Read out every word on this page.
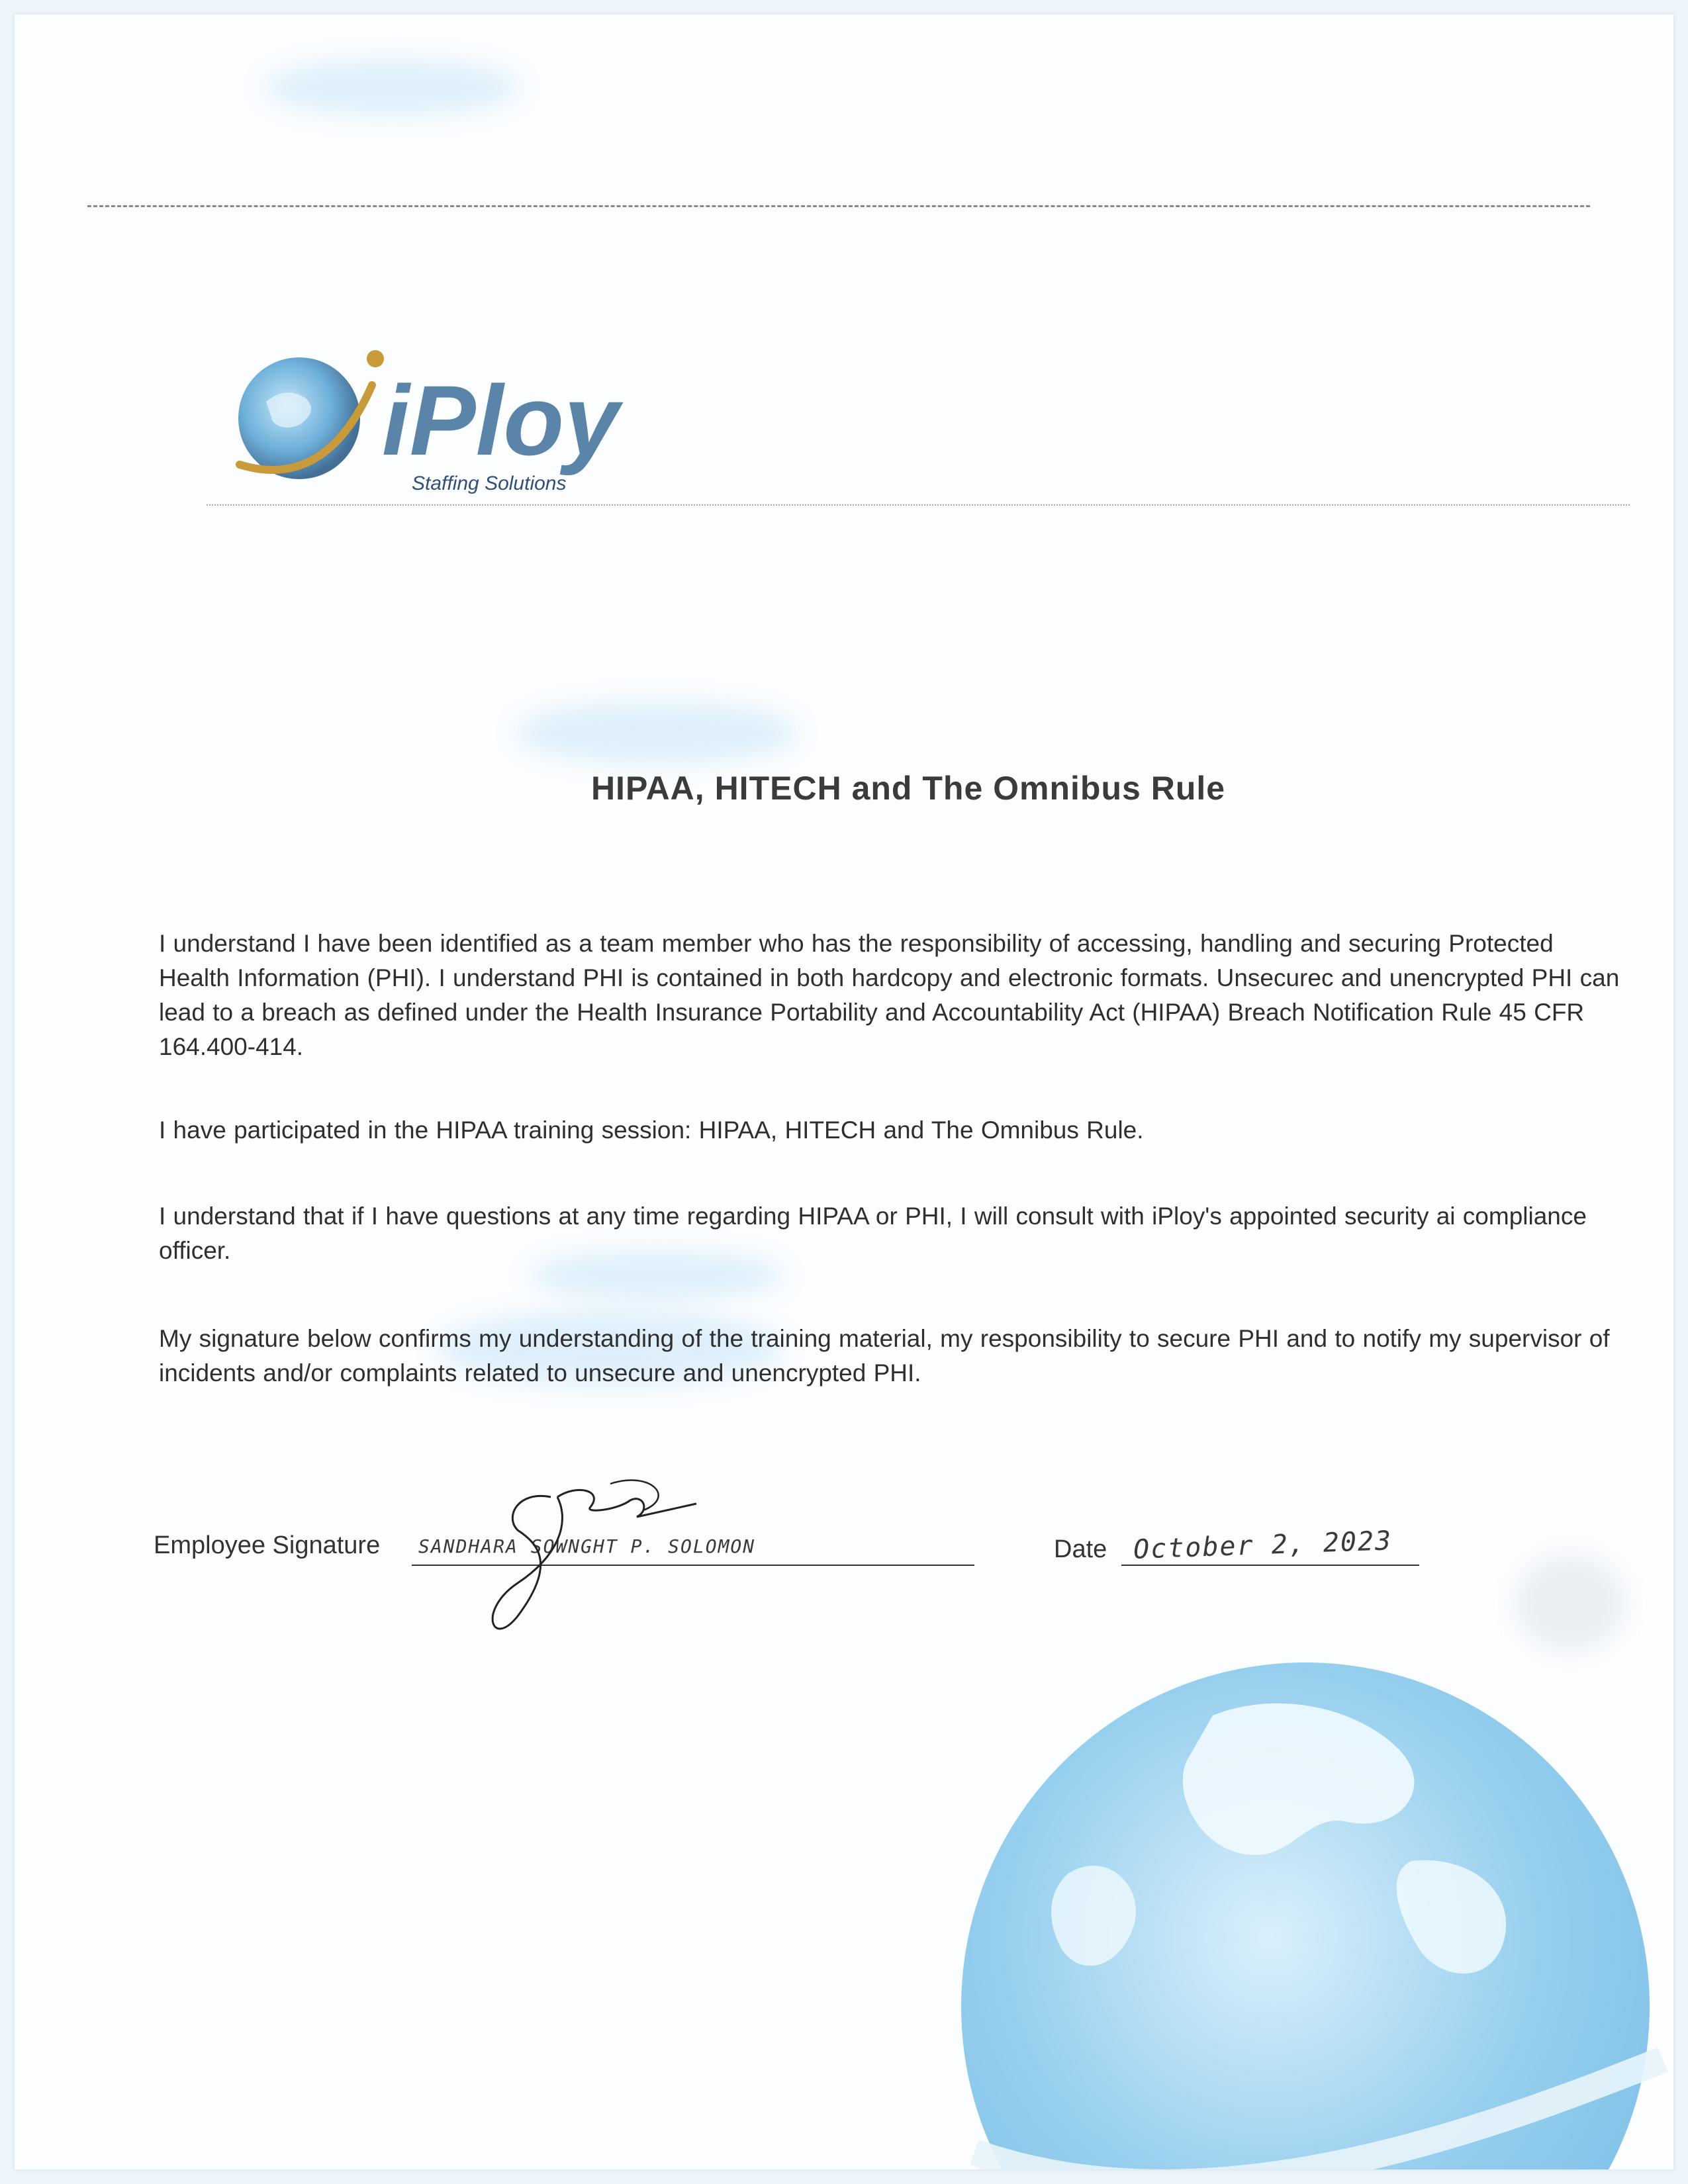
iPloy
Staffing Solutions
HIPAA, HITECH and The Omnibus Rule
I understand I have been identified as a team member who has the responsibility of accessing, handling and securing Protected Health Information (PHI). I understand PHI is contained in both hardcopy and electronic formats. Unsecurec and unencrypted PHI can lead to a breach as defined under the Health Insurance Portability and Accountability Act (HIPAA) Breach Notification Rule 45 CFR 164.400-414.
I have participated in the HIPAA training session: HIPAA, HITECH and The Omnibus Rule.
I understand that if I have questions at any time regarding HIPAA or PHI, I will consult with iPloy's appointed security ai compliance officer.
My signature below confirms my understanding of the training material, my responsibility to secure PHI and to notify my supervisor of incidents and/or complaints related to unsecure and unencrypted PHI.
Employee Signature SANDHARA SOWNGHT P. SOLOMON	Date October 2, 2023
